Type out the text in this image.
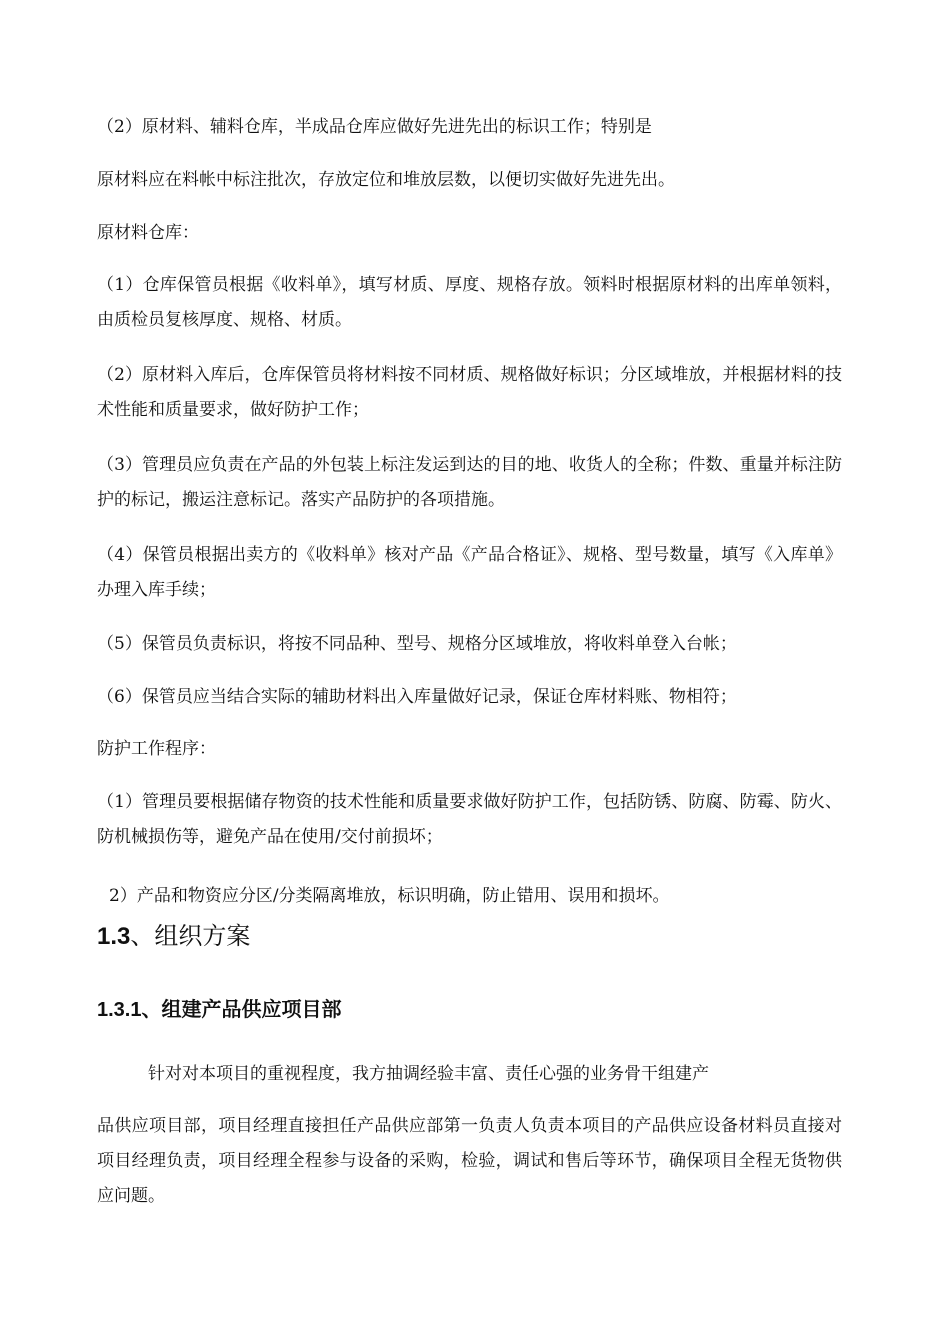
（2）原材料、辅料仓库，半成品仓库应做好先进先出的标识工作；特别是

原材料应在料帐中标注批次，存放定位和堆放层数，以便切实做好先进先出。

原材料仓库：

（1）仓库保管员根据《收料单》，填写材质、厚度、规格存放。领料时根据原材料的出库单领料，由质检员复核厚度、规格、材质。

（2）原材料入库后，仓库保管员将材料按不同材质、规格做好标识；分区域堆放，并根据材料的技术性能和质量要求，做好防护工作；

（3）管理员应负责在产品的外包装上标注发运到达的目的地、收货人的全称；件数、重量并标注防护的标记，搬运注意标记。落实产品防护的各项措施。

（4）保管员根据出卖方的《收料单》核对产品《产品合格证》、规格、型号数量，填写《入库单》办理入库手续；

（5）保管员负责标识，将按不同品种、型号、规格分区域堆放，将收料单登入台帐；

（6）保管员应当结合实际的辅助材料出入库量做好记录，保证仓库材料账、物相符；

防护工作程序：

（1）管理员要根据储存物资的技术性能和质量要求做好防护工作，包括防锈、防腐、防霉、防火、防机械损伤等，避免产品在使用/交付前损坏；

2）产品和物资应分区/分类隔离堆放，标识明确，防止错用、误用和损坏。

1.3、组织方案
1.3.1、组建产品供应项目部

针对对本项目的重视程度，我方抽调经验丰富、责任心强的业务骨干组建产

品供应项目部，项目经理直接担任产品供应部第一负责人负责本项目的产品供应设备材料员直接对项目经理负责，项目经理全程参与设备的采购，检验，调试和售后等环节，确保项目全程无货物供应问题。
